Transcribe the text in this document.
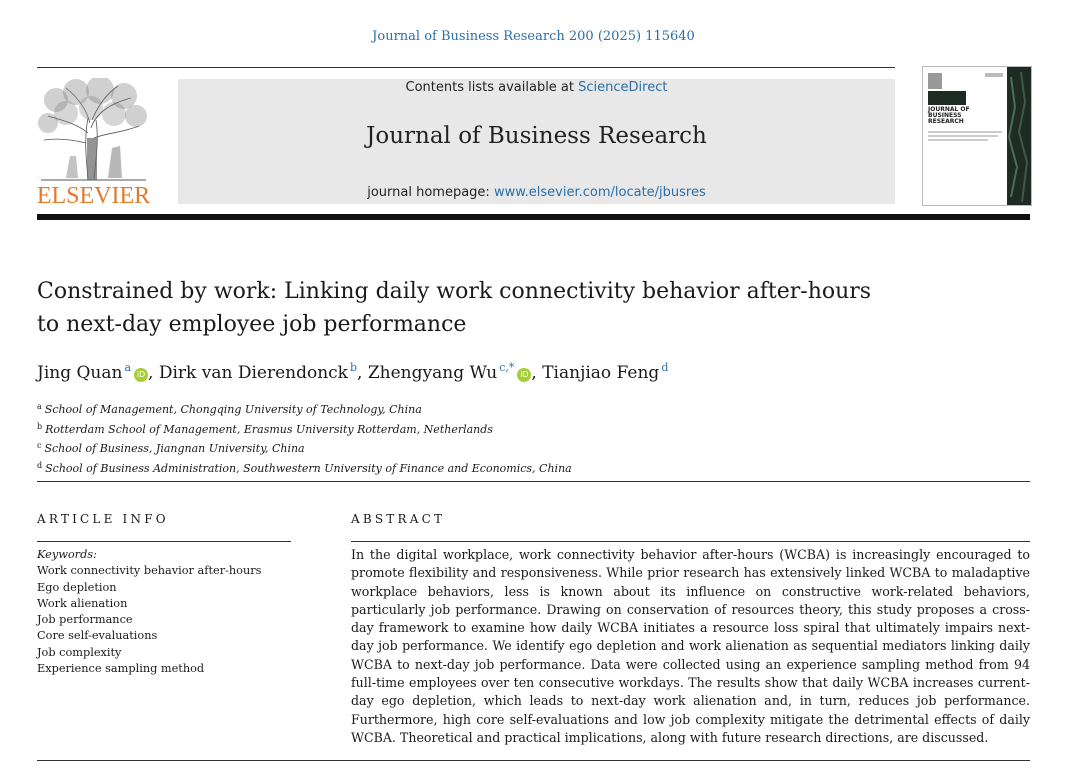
Journal of Business Research 200 (2025) 115640
ELSEVIER
Contents lists available at ScienceDirect
Journal of Business Research
journal homepage: www.elsevier.com/locate/jbusres
JOURNAL OF
BUSINESS
RESEARCH
Constrained by work: Linking daily work connectivity behavior after-hours
to next-day employee job performance
Jing Quan $^a$iD , Dirk van Dierendonck $^b$, Zhengyang Wu $^{c,*}$iD , Tianjiao Feng $^d$
$^a$ School of Management, Chongqing University of Technology, China
$^b$ Rotterdam School of Management, Erasmus University Rotterdam, Netherlands
$^c$ School of Business, Jiangnan University, China
$^d$ School of Business Administration, Southwestern University of Finance and Economics, China
ARTICLE INFO	ABSTRACT
Keywords:
Work connectivity behavior after-hours
Ego depletion
Work alienation
Job performance
Core self-evaluations
Job complexity
Experience sampling method
In the digital workplace, work connectivity behavior after-hours (WCBA) is increasingly encouraged to promote flexibility and responsiveness. While prior research has extensively linked WCBA to maladaptive workplace behaviors, less is known about its influence on constructive work-related behaviors, particularly job performance. Drawing on conservation of resources theory, this study proposes a cross-day framework to examine how daily WCBA initiates a resource loss spiral that ultimately impairs next-day job performance. We identify ego depletion and work alienation as sequential mediators linking daily WCBA to next-day job performance. Data were collected using an experience sampling method from 94 full-time employees over ten consecutive workdays. The results show that daily WCBA increases current-day ego depletion, which leads to next-day work alienation and, in turn, reduces job performance. Furthermore, high core self-evaluations and low job complexity mitigate the detrimental effects of daily WCBA. Theoretical and practical implications, along with future research directions, are discussed.
